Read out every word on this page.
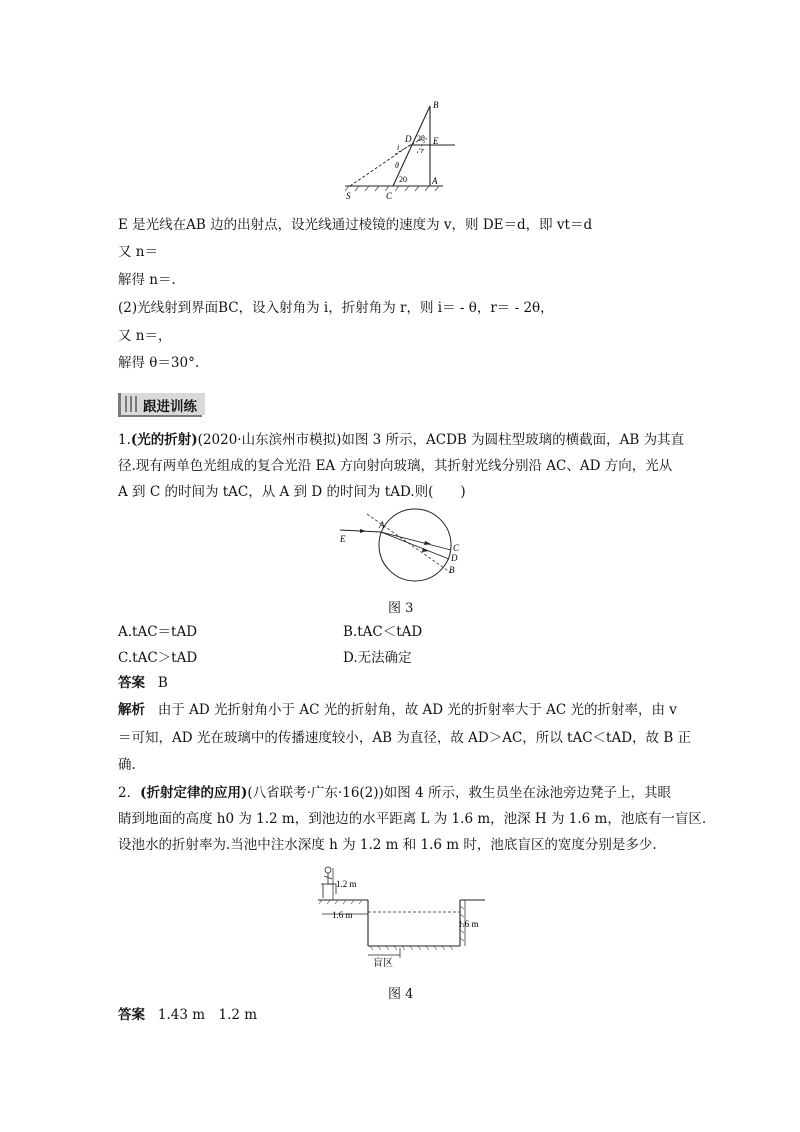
B
D E
2θ
i	r
θ
20
S	C
A
E 是光线在AB 边的出射点，设光线通过棱镜的速度为 v，则 DE＝d，即 vt＝d
又 n＝
解得 n＝.
(2)光线射到界面BC，设入射角为 i，折射角为 r，则 i＝ - θ，r＝ - 2θ，
又 n＝，
解得 θ＝30°.
跟进训练
1.(光的折射)(2020·山东滨州市模拟)如图 3 所示，ACDB 为圆柱型玻璃的横截面，AB 为其直
径.现有两单色光组成的复合光沿 EA 方向射向玻璃，其折射光线分别沿 AC、AD 方向，光从
A 到 C 的时间为 tAC，从 A 到 D 的时间为 tAD.则(　　)
A
E
C
D
B
图 3
A.tAC＝tAD	B.tAC＜tAD
C.tAC＞tAD	D.无法确定
答案 B
解析 由于 AD 光折射角小于 AC 光的折射角，故 AD 光的折射率大于 AC 光的折射率，由 v
＝可知，AD 光在玻璃中的传播速度较小，AB 为直径，故 AD＞AC，所以 tAC＜tAD，故 B 正
确.
2．(折射定律的应用)(八省联考·广东·16(2))如图 4 所示，救生员坐在泳池旁边凳子上，其眼
睛到地面的高度 h0 为 1.2 m，到池边的水平距离 L 为 1.6 m，池深 H 为 1.6 m，池底有一盲区.
设池水的折射率为.当池中注水深度 h 为 1.2 m 和 1.6 m 时，池底盲区的宽度分别是多少.
1.2 m
1.6 m
1.6 m
盲区
图 4
答案 1.43 m　1.2 m
